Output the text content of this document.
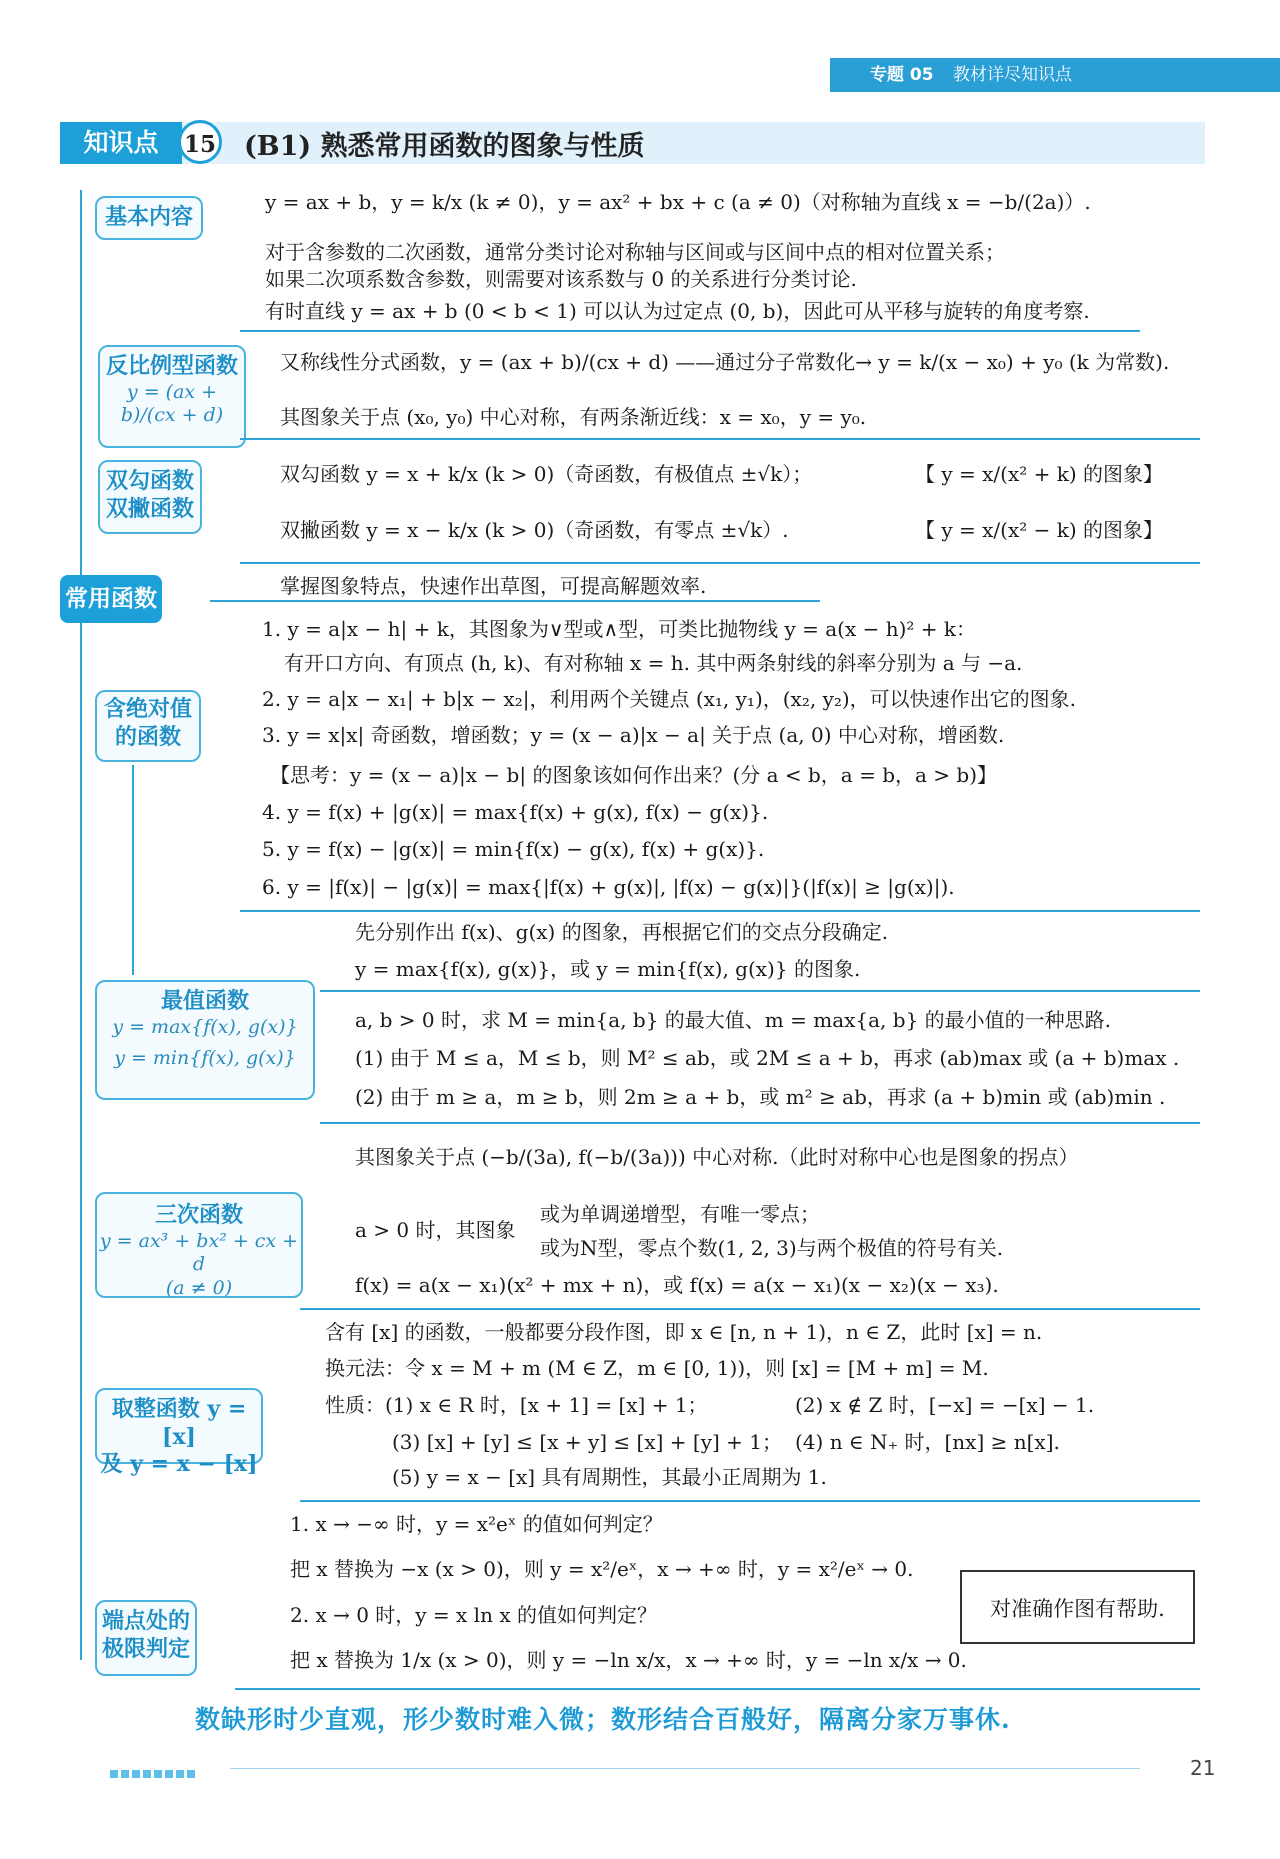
专题 05 教材详尽知识点
知识点	15 (B1) 熟悉常用函数的图象与性质
常用函数
基本内容
y = ax + b，y = k/x (k ≠ 0)，y = ax² + bx + c (a ≠ 0)（对称轴为直线 x = −b/(2a)）.
对于含参数的二次函数，通常分类讨论对称轴与区间或与区间中点的相对位置关系；
如果二次项系数含参数，则需要对该系数与 0 的关系进行分类讨论.
有时直线 y = ax + b (0 < b < 1) 可以认为过定点 (0, b)，因此可从平移与旋转的角度考察.
反比例型函数
y = (ax + b)/(cx + d)
又称线性分式函数，y = (ax + b)/(cx + d) ——通过分子常数化→ y = k/(x − x₀) + y₀ (k 为常数).
其图象关于点 (x₀, y₀) 中心对称，有两条渐近线：x = x₀，y = y₀.
双勾函数
双撇函数
双勾函数 y = x + k/x (k > 0)（奇函数，有极值点 ±√k）；
双撇函数 y = x − k/x (k > 0)（奇函数，有零点 ±√k）.
【 y = x/(x² + k) 的图象】
【 y = x/(x² − k) 的图象】
掌握图象特点，快速作出草图，可提高解题效率.
含绝对值
的函数
1. y = a|x − h| + k，其图象为∨型或∧型，可类比抛物线 y = a(x − h)² + k：
有开口方向、有顶点 (h, k)、有对称轴 x = h. 其中两条射线的斜率分别为 a 与 −a.
2. y = a|x − x₁| + b|x − x₂|，利用两个关键点 (x₁, y₁)，(x₂, y₂)，可以快速作出它的图象.
3. y = x|x| 奇函数，增函数；y = (x − a)|x − a| 关于点 (a, 0) 中心对称，增函数.
【思考：y = (x − a)|x − b| 的图象该如何作出来？(分 a < b，a = b，a > b)】
4. y = f(x) + |g(x)| = max{f(x) + g(x), f(x) − g(x)}.
5. y = f(x) − |g(x)| = min{f(x) − g(x), f(x) + g(x)}.
6. y = |f(x)| − |g(x)| = max{|f(x) + g(x)|, |f(x) − g(x)|}(|f(x)| ≥ |g(x)|).
先分别作出 f(x)、g(x) 的图象，再根据它们的交点分段确定.
y = max{f(x), g(x)}，或 y = min{f(x), g(x)} 的图象.
最值函数
y = max{f(x), g(x)}
y = min{f(x), g(x)}
a, b > 0 时，求 M = min{a, b} 的最大值、m = max{a, b} 的最小值的一种思路.
(1) 由于 M ≤ a，M ≤ b，则 M² ≤ ab，或 2M ≤ a + b，再求 (ab)max 或 (a + b)max .
(2) 由于 m ≥ a，m ≥ b，则 2m ≥ a + b，或 m² ≥ ab，再求 (a + b)min 或 (ab)min .
三次函数
y = ax³ + bx² + cx + d
(a ≠ 0)
其图象关于点 (−b/(3a), f(−b/(3a))) 中心对称.（此时对称中心也是图象的拐点）
a > 0 时，其图象
或为单调递增型，有唯一零点；
或为N型，零点个数(1, 2, 3)与两个极值的符号有关.
f(x) = a(x − x₁)(x² + mx + n)，或 f(x) = a(x − x₁)(x − x₂)(x − x₃).
取整函数 y = [x]
及 y = x − [x]
含有 [x] 的函数，一般都要分段作图，即 x ∈ [n, n + 1)，n ∈ Z，此时 [x] = n.
换元法：令 x = M + m (M ∈ Z，m ∈ [0, 1))，则 [x] = [M + m] = M.
性质：(1) x ∈ R 时，[x + 1] = [x] + 1；	(2) x ∉ Z 时，[−x] = −[x] − 1.
(3) [x] + [y] ≤ [x + y] ≤ [x] + [y] + 1； (4) n ∈ N₊ 时，[nx] ≥ n[x].
(5) y = x − [x] 具有周期性，其最小正周期为 1.
端点处的
极限判定
1. x → −∞ 时，y = x²eˣ 的值如何判定？
把 x 替换为 −x (x > 0)，则 y = x²/eˣ，x → +∞ 时，y = x²/eˣ → 0.
2. x → 0 时，y = x ln x 的值如何判定？
把 x 替换为 1/x (x > 0)，则 y = −ln x/x，x → +∞ 时，y = −ln x/x → 0.
对准确作图有帮助.
数缺形时少直观，形少数时难入微；数形结合百般好，隔离分家万事休.
21
